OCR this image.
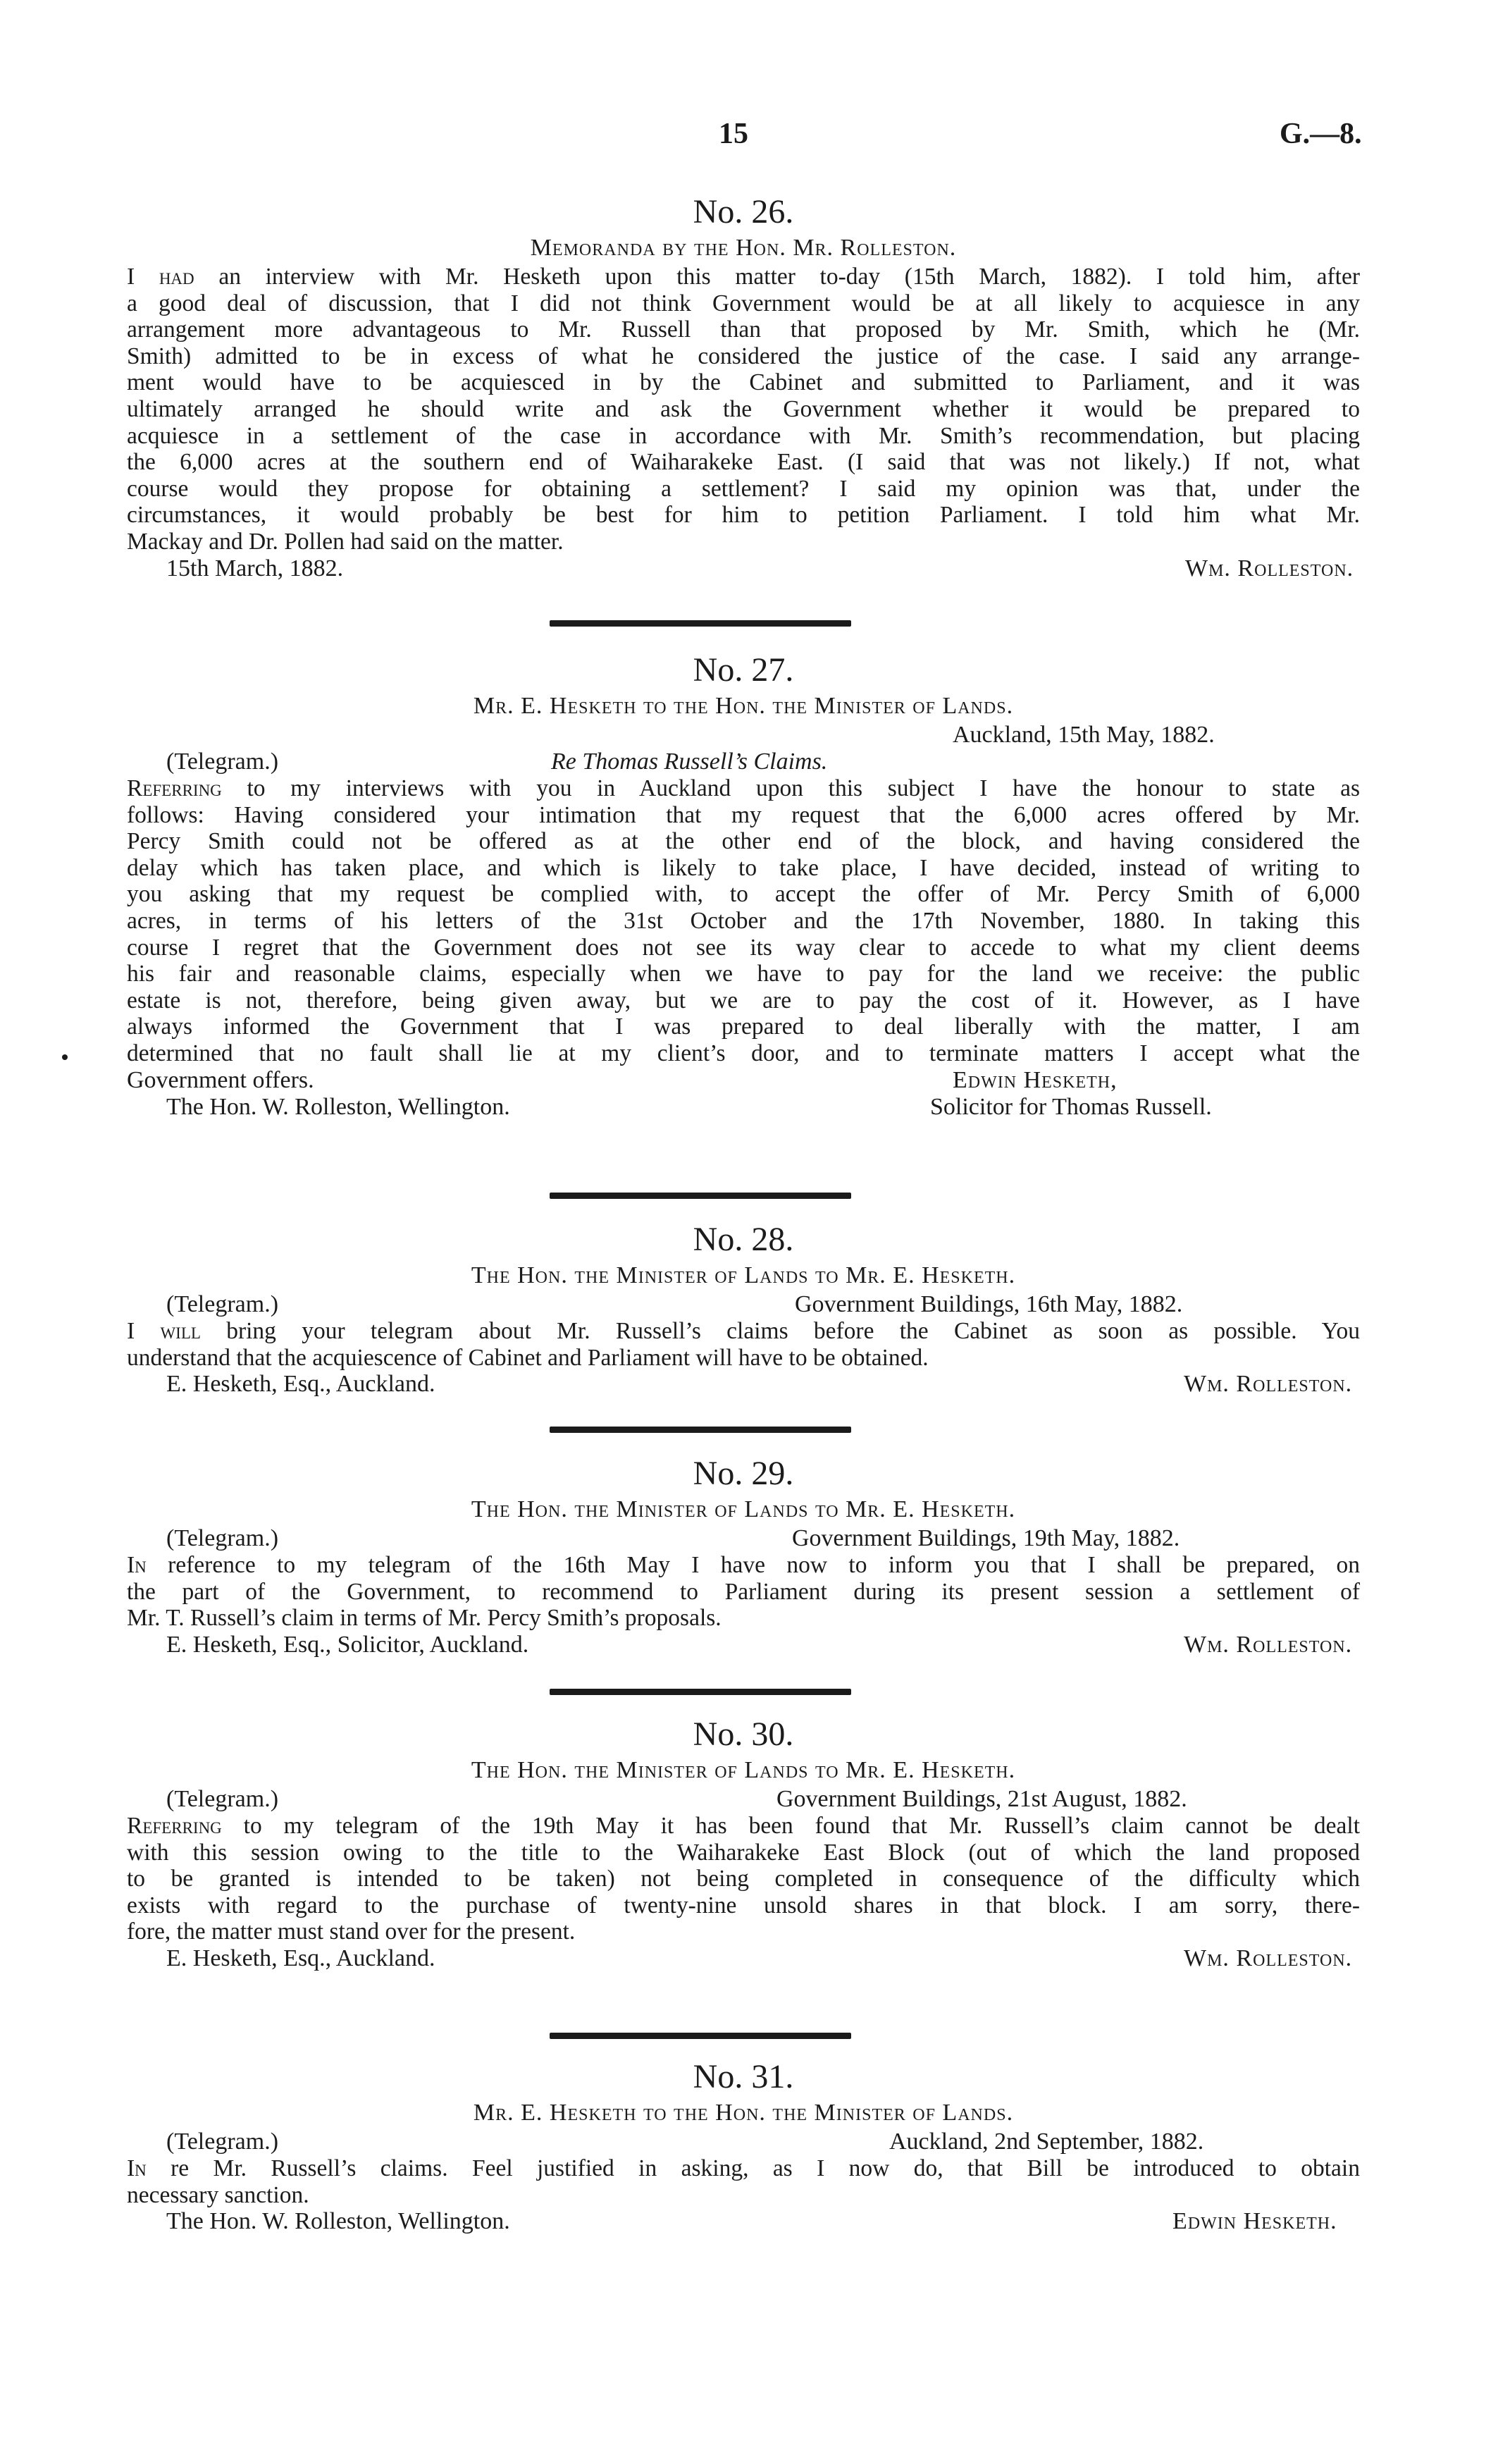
15	G.—8.
No. 26.
Memoranda by the Hon. Mr. Rolleston.
I had an interview with Mr. Hesketh upon this matter to-day (15th March, 1882). I told him, after
a good deal of discussion, that I did not think Government would be at all likely to acquiesce in any
arrangement more advantageous to Mr. Russell than that proposed by Mr. Smith, which he (Mr.
Smith) admitted to be in excess of what he considered the justice of the case. I said any arrange-
ment would have to be acquiesced in by the Cabinet and submitted to Parliament, and it was
ultimately arranged he should write and ask the Government whether it would be prepared to
acquiesce in a settlement of the case in accordance with Mr. Smith’s recommendation, but placing
the 6,000 acres at the southern end of Waiharakeke East. (I said that was not likely.) If not, what
course would they propose for obtaining a settlement? I said my opinion was that, under the
circumstances, it would probably be best for him to petition Parliament. I told him what Mr.
Mackay and Dr. Pollen had said on the matter.
15th March, 1882.	Wm. Rolleston.
No. 27.
Mr. E. Hesketh to the Hon. the Minister of Lands.
Auckland, 15th May, 1882.
(Telegram.)	Re Thomas Russell’s Claims.
Referring to my interviews with you in Auckland upon this subject I have the honour to state as
follows: Having considered your intimation that my request that the 6,000 acres offered by Mr.
Percy Smith could not be offered as at the other end of the block, and having considered the
delay which has taken place, and which is likely to take place, I have decided, instead of writing to
you asking that my request be complied with, to accept the offer of Mr. Percy Smith of 6,000
acres, in terms of his letters of the 31st October and the 17th November, 1880. In taking this
course I regret that the Government does not see its way clear to accede to what my client deems
his fair and reasonable claims, especially when we have to pay for the land we receive: the public
estate is not, therefore, being given away, but we are to pay the cost of it. However, as I have
always informed the Government that I was prepared to deal liberally with the matter, I am
determined that no fault shall lie at my client’s door, and to terminate matters I accept what the
Government offers.	Edwin Hesketh,
The Hon. W. Rolleston, Wellington.	Solicitor for Thomas Russell.
No. 28.
The Hon. the Minister of Lands to Mr. E. Hesketh.
(Telegram.)	Government Buildings, 16th May, 1882.
I will bring your telegram about Mr. Russell’s claims before the Cabinet as soon as possible. You
understand that the acquiescence of Cabinet and Parliament will have to be obtained.
E. Hesketh, Esq., Auckland.	Wm. Rolleston.
No. 29.
The Hon. the Minister of Lands to Mr. E. Hesketh.
(Telegram.)	Government Buildings, 19th May, 1882.
In reference to my telegram of the 16th May I have now to inform you that I shall be prepared, on
the part of the Government, to recommend to Parliament during its present session a settlement of
Mr. T. Russell’s claim in terms of Mr. Percy Smith’s proposals.
E. Hesketh, Esq., Solicitor, Auckland.	Wm. Rolleston.
No. 30.
The Hon. the Minister of Lands to Mr. E. Hesketh.
(Telegram.)	Government Buildings, 21st August, 1882.
Referring to my telegram of the 19th May it has been found that Mr. Russell’s claim cannot be dealt
with this session owing to the title to the Waiharakeke East Block (out of which the land proposed
to be granted is intended to be taken) not being completed in consequence of the difficulty which
exists with regard to the purchase of twenty-nine unsold shares in that block. I am sorry, there-
fore, the matter must stand over for the present.
E. Hesketh, Esq., Auckland.	Wm. Rolleston.
No. 31.
Mr. E. Hesketh to the Hon. the Minister of Lands.
(Telegram.)	Auckland, 2nd September, 1882.
In re Mr. Russell’s claims. Feel justified in asking, as I now do, that Bill be introduced to obtain
necessary sanction.
The Hon. W. Rolleston, Wellington.	Edwin Hesketh.
